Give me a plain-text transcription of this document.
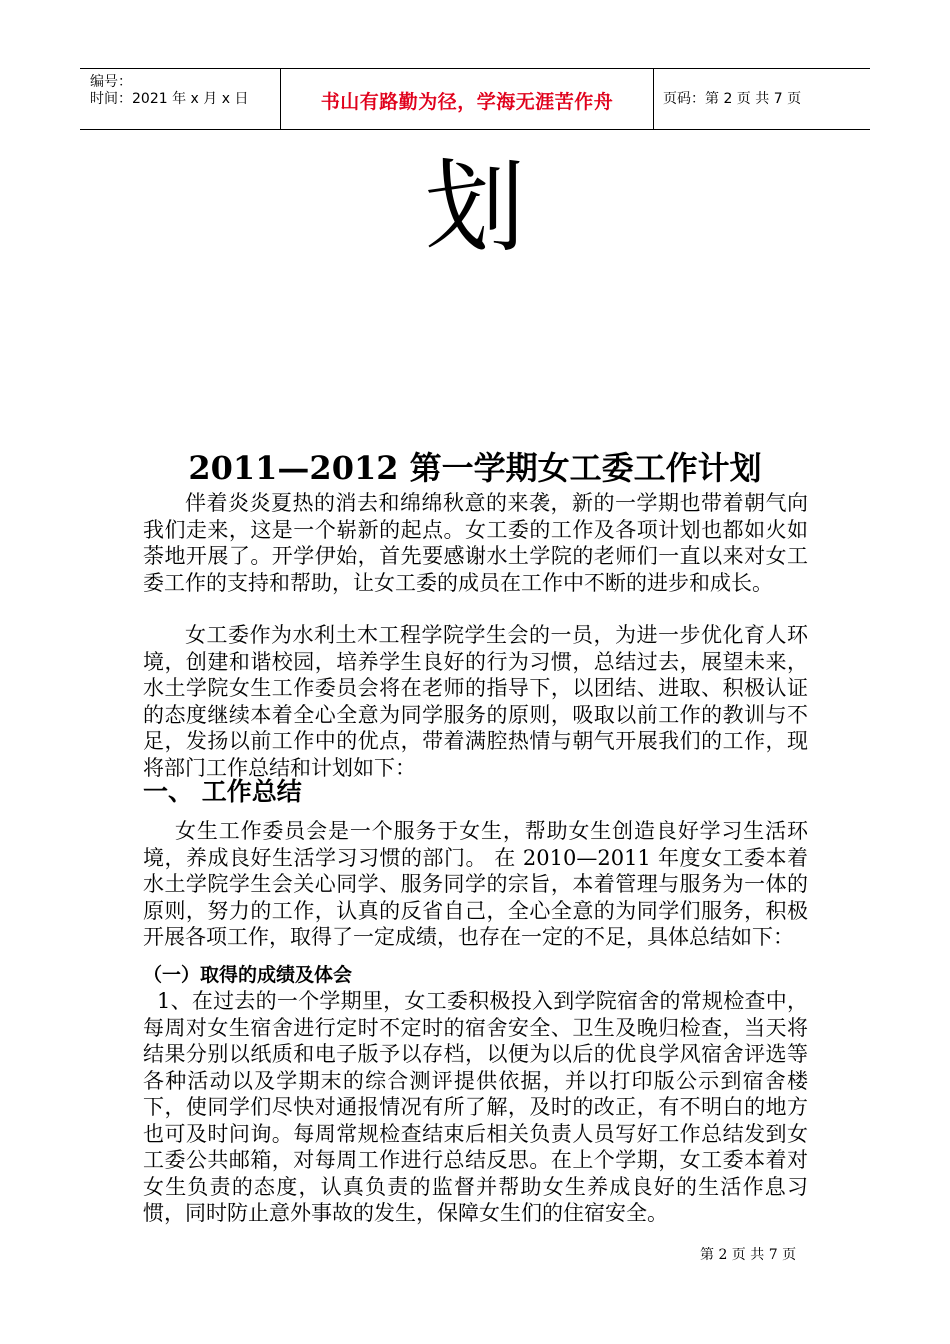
编号：
时间：2021 年 x 月 x 日	书山有路勤为径，学海无涯苦作舟	页码：第 2 页 共 7 页
划
2011—2012 第一学期女工委工作计划
伴着炎炎夏热的消去和绵绵秋意的来袭，新的一学期也带着朝气向我们走来，这是一个崭新的起点。女工委的工作及各项计划也都如火如荼地开展了。开学伊始，首先要感谢水土学院的老师们一直以来对女工委工作的支持和帮助，让女工委的成员在工作中不断的进步和成长。
女工委作为水利土木工程学院学生会的一员，为进一步优化育人环境，创建和谐校园，培养学生良好的行为习惯，总结过去，展望未来，水土学院女生工作委员会将在老师的指导下，以团结、进取、积极认证的态度继续本着全心全意为同学服务的原则，吸取以前工作的教训与不足，发扬以前工作中的优点，带着满腔热情与朝气开展我们的工作，现将部门工作总结和计划如下：
一、 工作总结
女生工作委员会是一个服务于女生，帮助女生创造良好学习生活环境，养成良好生活学习习惯的部门。 在 2010—2011 年度女工委本着水土学院学生会关心同学、服务同学的宗旨，本着管理与服务为一体的原则，努力的工作，认真的反省自己，全心全意的为同学们服务，积极开展各项工作，取得了一定成绩，也存在一定的不足，具体总结如下：
（一）取得的成绩及体会
1、在过去的一个学期里，女工委积极投入到学院宿舍的常规检查中，每周对女生宿舍进行定时不定时的宿舍安全、卫生及晚归检查，当天将结果分别以纸质和电子版予以存档，以便为以后的优良学风宿舍评选等各种活动以及学期末的综合测评提供依据，并以打印版公示到宿舍楼下，使同学们尽快对通报情况有所了解，及时的改正，有不明白的地方也可及时问询。每周常规检查结束后相关负责人员写好工作总结发到女工委公共邮箱，对每周工作进行总结反思。在上个学期，女工委本着对女生负责的态度，认真负责的监督并帮助女生养成良好的生活作息习惯，同时防止意外事故的发生，保障女生们的住宿安全。
第 2 页 共 7 页
